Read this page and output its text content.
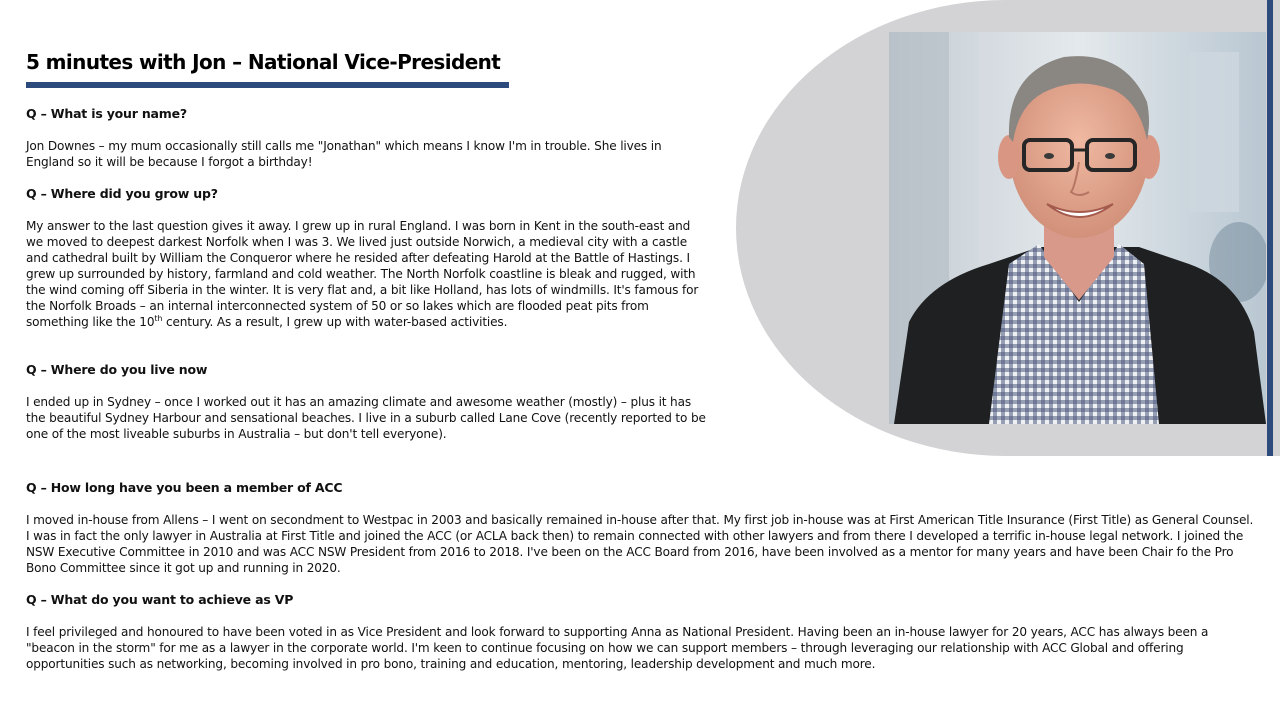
5 minutes with Jon – National Vice-President

Q – What is your name?

Jon Downes – my mum occasionally still calls me "Jonathan" which means I know I'm in trouble. She lives in England so it will be because I forgot a birthday!

Q – Where did you grow up?

My answer to the last question gives it away. I grew up in rural England. I was born in Kent in the south-east and we moved to deepest darkest Norfolk when I was 3. We lived just outside Norwich, a medieval city with a castle and cathedral built by William the Conqueror where he resided after defeating Harold at the Battle of Hastings. I grew up surrounded by history, farmland and cold weather. The North Norfolk coastline is bleak and rugged, with the wind coming off Siberia in the winter. It is very flat and, a bit like Holland, has lots of windmills. It's famous for the Norfolk Broads – an internal interconnected system of 50 or so lakes which are flooded peat pits from something like the 10th century. As a result, I grew up with water-based activities.

Q – Where do you live now

I ended up in Sydney – once I worked out it has an amazing climate and awesome weather (mostly) – plus it has the beautiful Sydney Harbour and sensational beaches. I live in a suburb called Lane Cove (recently reported to be one of the most liveable suburbs in Australia – but don't tell everyone).

Q – How long have you been a member of ACC

I moved in-house from Allens – I went on secondment to Westpac in 2003 and basically remained in-house after that. My first job in-house was at First American Title Insurance (First Title) as General Counsel. I was in fact the only lawyer in Australia at First Title and joined the ACC (or ACLA back then) to remain connected with other lawyers and from there I developed a terrific in-house legal network. I joined the NSW Executive Committee in 2010 and was ACC NSW President from 2016 to 2018. I've been on the ACC Board from 2016, have been involved as a mentor for many years and have been Chair fo the Pro Bono Committee since it got up and running in 2020.

Q – What do you want to achieve as VP

I feel privileged and honoured to have been voted in as Vice President and look forward to supporting Anna as National President. Having been an in-house lawyer for 20 years, ACC has always been a "beacon in the storm" for me as a lawyer in the corporate world. I'm keen to continue focusing on how we can support members – through leveraging our relationship with ACC Global and offering opportunities such as networking, becoming involved in pro bono, training and education, mentoring, leadership development and much more.
